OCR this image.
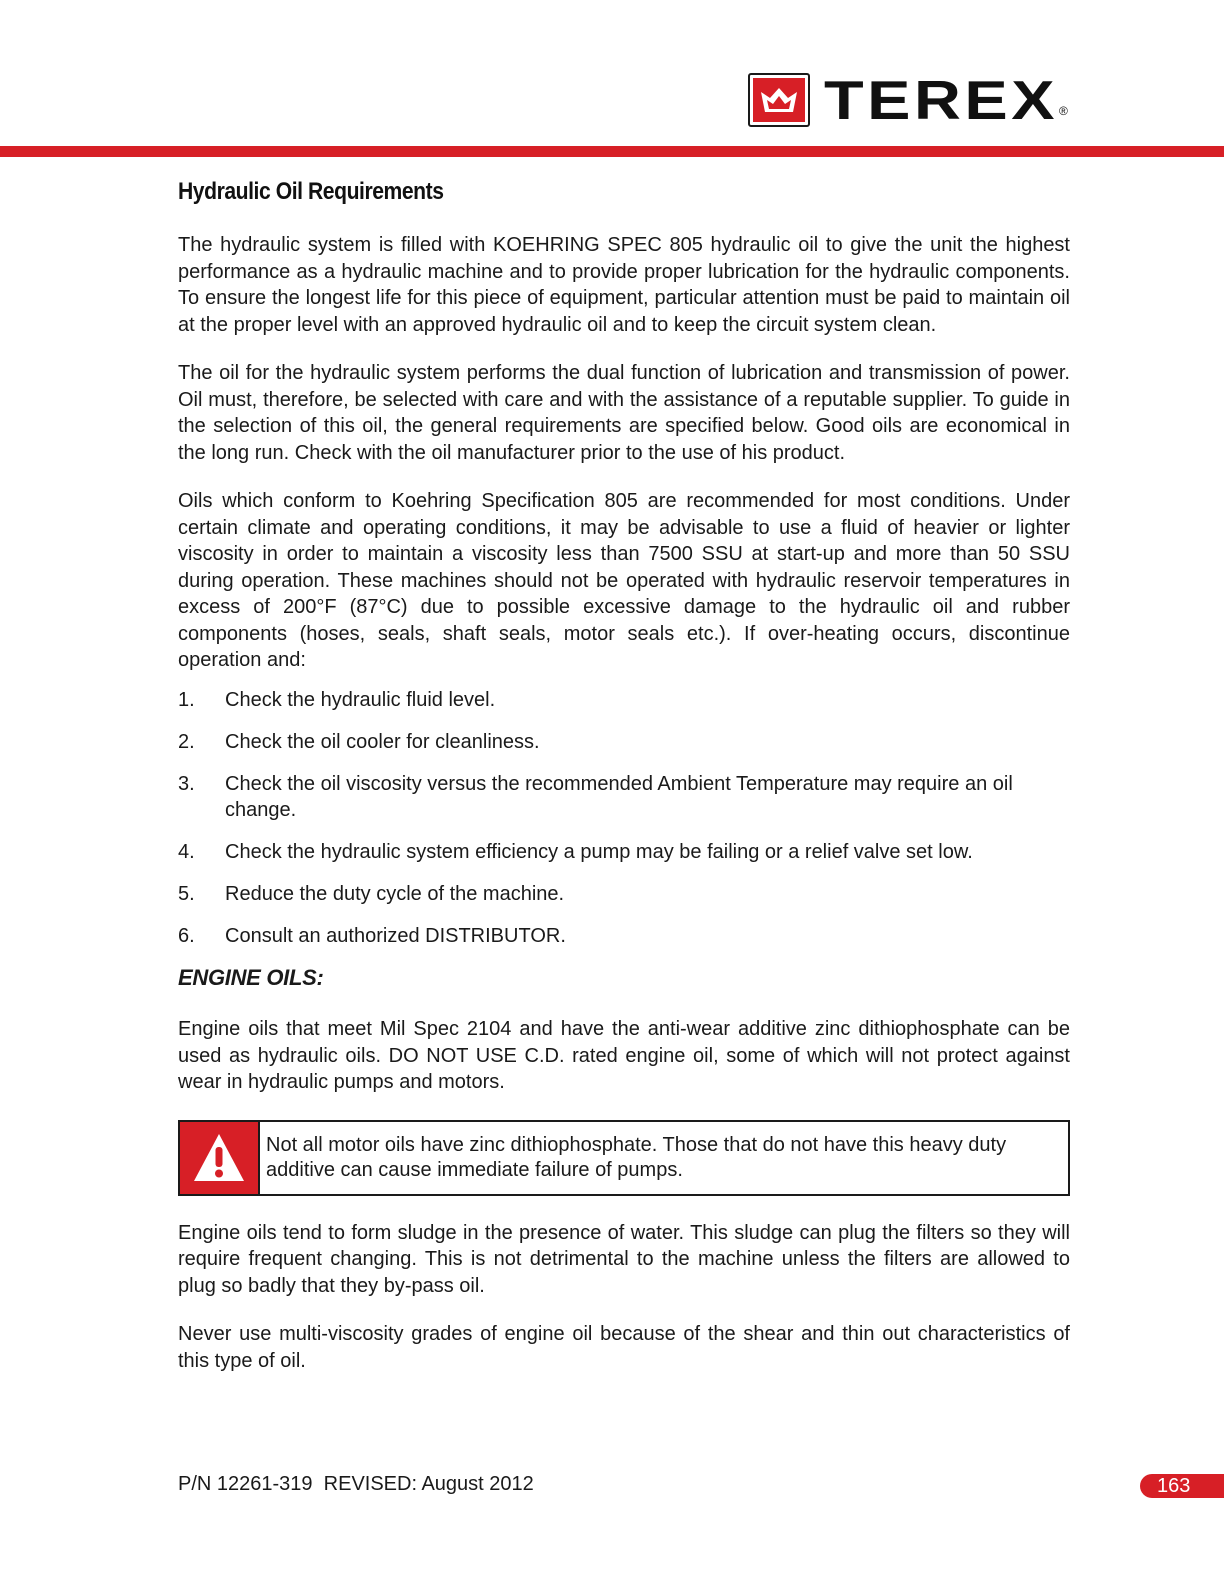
TEREX ®
Hydraulic Oil Requirements

The hydraulic system is filled with KOEHRING SPEC 805 hydraulic oil to give the unit the highest performance as a hydraulic machine and to provide proper lubrication for the hydraulic components. To ensure the longest life for this piece of equipment, particular attention must be paid to maintain oil at the proper level with an approved hydraulic oil and to keep the circuit system clean.

The oil for the hydraulic system performs the dual function of lubrication and transmission of power. Oil must, therefore, be selected with care and with the assistance of a reputable supplier. To guide in the selection of this oil, the general requirements are specified below. Good oils are economical in the long run. Check with the oil manufacturer prior to the use of his product.

Oils which conform to Koehring Specification 805 are recommended for most conditions. Under certain climate and operating conditions, it may be advisable to use a fluid of heavier or lighter viscosity in order to maintain a viscosity less than 7500 SSU at start-up and more than 50 SSU during operation. These machines should not be operated with hydraulic reservoir temperatures in excess of 200°F (87°C) due to possible excessive damage to the hydraulic oil and rubber components (hoses, seals, shaft seals, motor seals etc.). If over-heating occurs, discontinue operation and:

1.	Check the hydraulic fluid level.
2.	Check the oil cooler for cleanliness.
3.	Check the oil viscosity versus the recommended Ambient Temperature may require an oil change.
4.	Check the hydraulic system efficiency a pump may be failing or a relief valve set low.
5.	Reduce the duty cycle of the machine.
6.	Consult an authorized DISTRIBUTOR.
ENGINE OILS:

Engine oils that meet Mil Spec 2104 and have the anti-wear additive zinc dithiophosphate can be used as hydraulic oils. DO NOT USE C.D. rated engine oil, some of which will not protect against wear in hydraulic pumps and motors.

Not all motor oils have zinc dithiophosphate. Those that do not have this heavy duty additive can cause immediate failure of pumps.

Engine oils tend to form sludge in the presence of water. This sludge can plug the filters so they will require frequent changing. This is not detrimental to the machine unless the filters are allowed to plug so badly that they by-pass oil.

Never use multi-viscosity grades of engine oil because of the shear and thin out characteristics of this type of oil.

P/N 12261-319  REVISED: August 2012	163
